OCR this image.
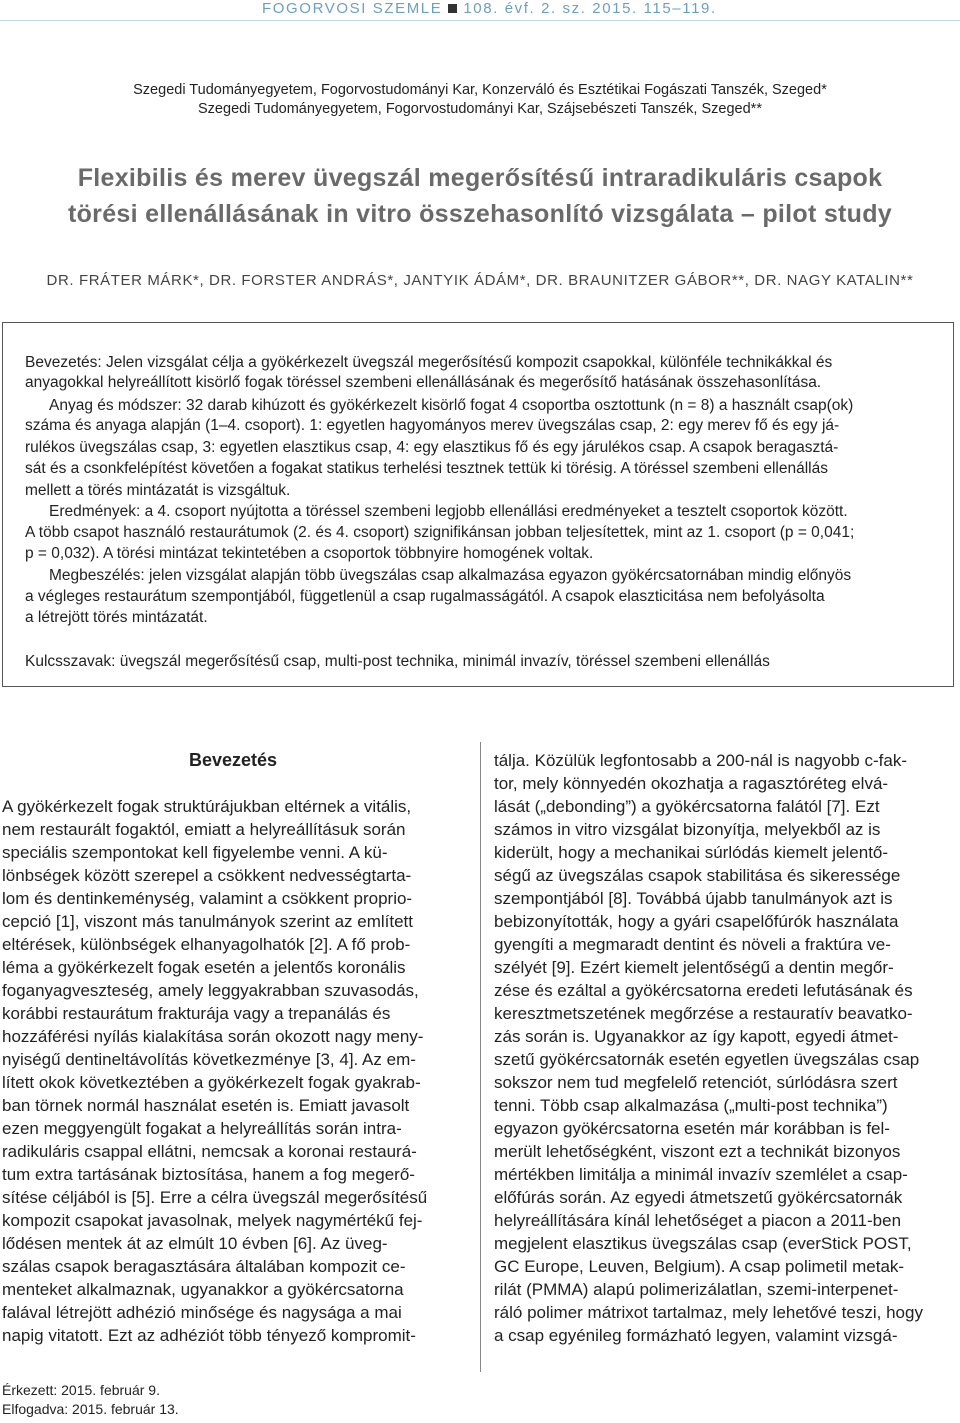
FOGORVOSI SZEMLE 108. évf. 2. sz. 2015. 115–119.
Szegedi Tudományegyetem, Fogorvostudományi Kar, Konzerváló és Esztétikai Fogászati Tanszék, Szeged*
Szegedi Tudományegyetem, Fogorvostudományi Kar, Szájsebészeti Tanszék, Szeged**
Flexibilis és merev üvegszál megerősítésű intraradikuláris csapok
törési ellenállásának in vitro összehasonlító vizsgálata – pilot study
DR. FRÁTER MÁRK*, DR. FORSTER ANDRÁS*, JANTYIK ÁDÁM*, DR. BRAUNITZER GÁBOR**, DR. NAGY KATALIN**
Bevezetés: Jelen vizsgálat célja a gyökérkezelt üvegszál megerősítésű kompozit csapokkal, különféle technikákkal és
anyagokkal helyreállított kisörlő fogak töréssel szembeni ellenállásának és megerősítő hatásának összehasonlítása.
Anyag és módszer: 32 darab kihúzott és gyökérkezelt kisörlő fogat 4 csoportba osztottunk (n = 8) a használt csap(ok)
száma és anyaga alapján (1–4. csoport). 1: egyetlen hagyományos merev üvegszálas csap, 2: egy merev fő és egy já-
rulékos üvegszálas csap, 3: egyetlen elasztikus csap, 4: egy elasztikus fő és egy járulékos csap. A csapok beragasztá-
sát és a csonkfelépítést követően a fogakat statikus terhelési tesztnek tettük ki törésig. A töréssel szembeni ellenállás
mellett a törés mintázatát is vizsgáltuk.
Eredmények: a 4. csoport nyújtotta a töréssel szembeni legjobb ellenállási eredményeket a tesztelt csoportok között.
A több csapot használó restaurátumok (2. és 4. csoport) szignifikánsan jobban teljesítettek, mint az 1. csoport (p = 0,041;
p = 0,032). A törési mintázat tekintetében a csoportok többnyire homogének voltak.
Megbeszélés: jelen vizsgálat alapján több üvegszálas csap alkalmazása egyazon gyökércsatornában mindig előnyös
a végleges restaurátum szempontjából, függetlenül a csap rugalmasságától. A csapok elaszticitása nem befolyásolta
a létrejött törés mintázatát.
Kulcsszavak: üvegszál megerősítésű csap, multi-post technika, minimál invazív, töréssel szembeni ellenállás
Bevezetés
A gyökérkezelt fogak struktúrájukban eltérnek a vitális,
nem restaurált fogaktól, emiatt a helyreállításuk során
speciális szempontokat kell figyelembe venni. A kü-
lönbségek között szerepel a csökkent nedvességtarta-
lom és dentinkeménység, valamint a csökkent proprio-
cepció [1], viszont más tanulmányok szerint az említett
eltérések, különbségek elhanyagolhatók [2]. A fő prob-
léma a gyökérkezelt fogak esetén a jelentős koronális
foganyagveszteség, amely leggyakrabban szuvasodás,
korábbi restaurátum frakturája vagy a trepanálás és
hozzáférési nyílás kialakítása során okozott nagy meny-
nyiségű dentineltávolítás következménye [3, 4]. Az em-
lített okok következtében a gyökérkezelt fogak gyakrab-
ban törnek normál használat esetén is. Emiatt javasolt
ezen meggyengült fogakat a helyreállítás során intra-
radikuláris csappal ellátni, nemcsak a koronai restaurá-
tum extra tartásának biztosítása, hanem a fog megerő-
sítése céljából is [5]. Erre a célra üvegszál megerősítésű
kompozit csapokat javasolnak, melyek nagymértékű fej-
lődésen mentek át az elmúlt 10 évben [6]. Az üveg-
szálas csapok beragasztására általában kompozit ce-
menteket alkalmaznak, ugyanakkor a gyökércsatorna
falával létrejött adhézió minősége és nagysága a mai
napig vitatott. Ezt az adhéziót több tényező kompromit-
tálja. Közülük legfontosabb a 200-nál is nagyobb c-fak-
tor, mely könnyedén okozhatja a ragasztóréteg elvá-
lását („debonding”) a gyökércsatorna falától [7]. Ezt
számos in vitro vizsgálat bizonyítja, melyekből az is
kiderült, hogy a mechanikai súrlódás kiemelt jelentő-
ségű az üvegszálas csapok stabilitása és sikeressége
szempontjából [8]. Továbbá újabb tanulmányok azt is
bebizonyították, hogy a gyári csapelőfúrók használata
gyengíti a megmaradt dentint és növeli a fraktúra ve-
szélyét [9]. Ezért kiemelt jelentőségű a dentin megőr-
zése és ezáltal a gyökércsatorna eredeti lefutásának és
keresztmetszetének megőrzése a restauratív beavatko-
zás során is. Ugyanakkor az így kapott, egyedi átmet-
szetű gyökércsatornák esetén egyetlen üvegszálas csap
sokszor nem tud megfelelő retenciót, súrlódásra szert
tenni. Több csap alkalmazása („multi-post technika”)
egyazon gyökércsatorna esetén már korábban is fel-
merült lehetőségként, viszont ezt a technikát bizonyos
mértékben limitálja a minimál invazív szemlélet a csap-
előfúrás során. Az egyedi átmetszetű gyökércsatornák
helyreállítására kínál lehetőséget a piacon a 2011-ben
megjelent elasztikus üvegszálas csap (everStick POST,
GC Europe, Leuven, Belgium). A csap polimetil metak-
rilát (PMMA) alapú polimerizálatlan, szemi-interpenet-
ráló polimer mátrixot tartalmaz, mely lehetővé teszi, hogy
a csap egyénileg formázható legyen, valamint vizsgá-
Érkezett: 2015. február 9.
Elfogadva: 2015. február 13.
